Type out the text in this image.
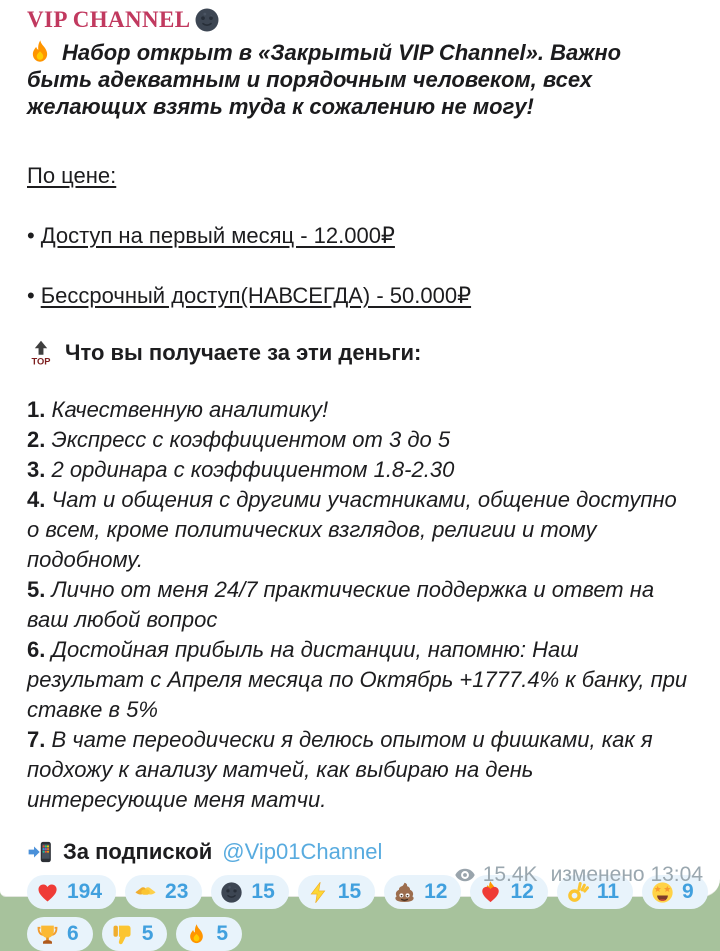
VIP CHANNEL

Набор открыт в «Закрытый VIP Channel». Важно быть адекватным и порядочным человеком, всех желающих взять туда к сожалению не могу!

По цене:
• Доступ на первый месяц - 12.000₽
• Бессрочный доступ(НАВСЕГДА) - 50.000₽
Что вы получаете за эти деньги:
1. Качественную аналитику!
2. Экспресс с коэффициентом от 3 до 5
3. 2 ординара с коэффициентом 1.8-2.30
4. Чат и общения с другими участниками, общение доступно о всем, кроме политических взглядов, религии и тому подобному.
5. Лично от меня 24/7 практические поддержка и ответ на ваш любой вопрос
6. Достойная прибыль на дистанции, напомню: Наш результат с Апреля месяца по Октябрь +1777.4% к банку, при ставке в 5%
7. В чате переодически я делюсь опытом и фишками, как я подхожу к анализу матчей, как выбираю на день интересующие меня матчи.
За подпиской @Vip01Channel
194	23	15	15	12	12	11	9
6	5	5
15.4K изменено 13:04
